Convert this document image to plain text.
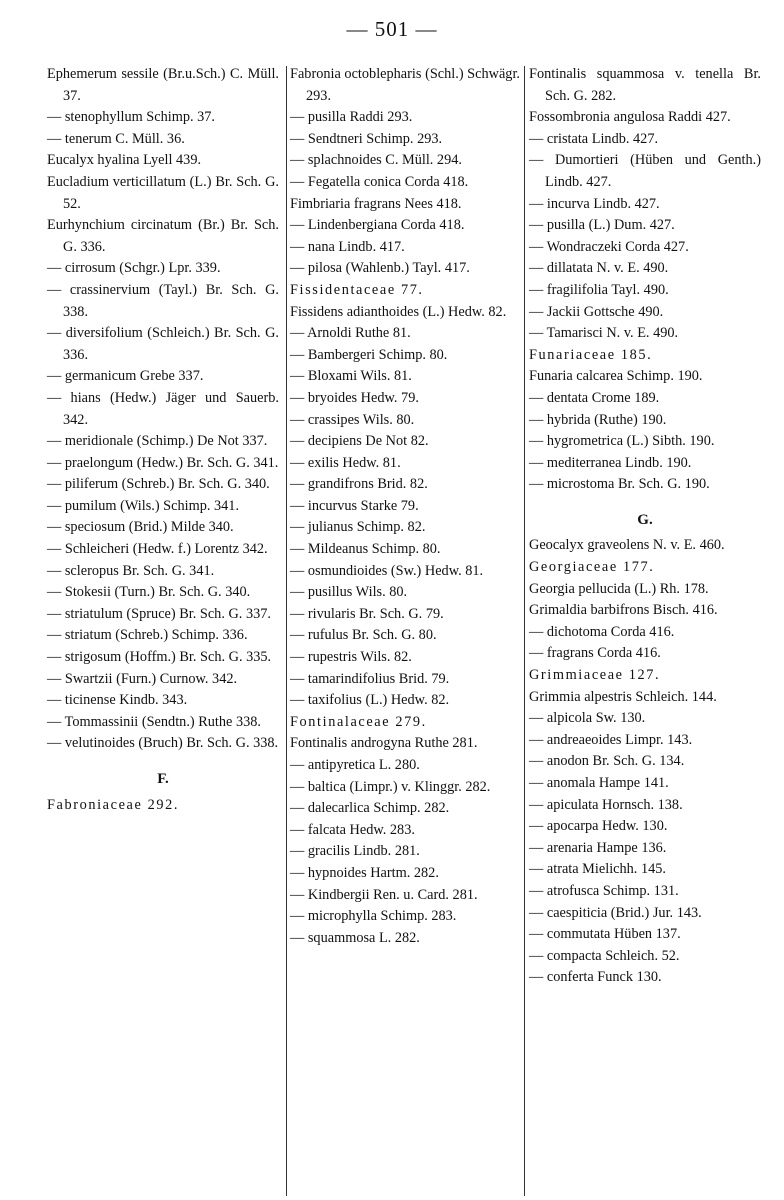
— 501 —

Ephemerum sessile (Br.u.Sch.) C. Müll. 37.

— stenophyllum Schimp. 37.

— tenerum C. Müll. 36.

Eucalyx hyalina Lyell 439.

Eucladium verticillatum (L.) Br. Sch. G. 52.

Eurhynchium circinatum (Br.) Br. Sch. G. 336.

— cirrosum (Schgr.) Lpr. 339.

— crassinervium (Tayl.) Br. Sch. G. 338.

— diversifolium (Schleich.) Br. Sch. G. 336.

— germanicum Grebe 337.

— hians (Hedw.) Jäger und Sauerb. 342.

— meridionale (Schimp.) De Not 337.

— praelongum (Hedw.) Br. Sch. G. 341.

— piliferum (Schreb.) Br. Sch. G. 340.

— pumilum (Wils.) Schimp. 341.

— speciosum (Brid.) Milde 340.

— Schleicheri (Hedw. f.) Lorentz 342.

— scleropus Br. Sch. G. 341.

— Stokesii (Turn.) Br. Sch. G. 340.

— striatulum (Spruce) Br. Sch. G. 337.

— striatum (Schreb.) Schimp. 336.

— strigosum (Hoffm.) Br. Sch. G. 335.

— Swartzii (Furn.) Curnow. 342.

— ticinense Kindb. 343.

— Tommassinii (Sendtn.) Ruthe 338.

— velutinoides (Bruch) Br. Sch. G. 338.

F.

Fabroniaceae 292.

Fabronia octoblepharis (Schl.) Schwägr. 293.

— pusilla Raddi 293.

— Sendtneri Schimp. 293.

— splachnoides C. Müll. 294.

— Fegatella conica Corda 418.

Fimbriaria fragrans Nees 418.

— Lindenbergiana Corda 418.

— nana Lindb. 417.

— pilosa (Wahlenb.) Tayl. 417.

Fissidentaceae 77.

Fissidens adianthoides (L.) Hedw. 82.

— Arnoldi Ruthe 81.

— Bambergeri Schimp. 80.

— Bloxami Wils. 81.

— bryoides Hedw. 79.

— crassipes Wils. 80.

— decipiens De Not 82.

— exilis Hedw. 81.

— grandifrons Brid. 82.

— incurvus Starke 79.

— julianus Schimp. 82.

— Mildeanus Schimp. 80.

— osmundioides (Sw.) Hedw. 81.

— pusillus Wils. 80.

— rivularis Br. Sch. G. 79.

— rufulus Br. Sch. G. 80.

— rupestris Wils. 82.

— tamarindifolius Brid. 79.

— taxifolius (L.) Hedw. 82.

Fontinalaceae 279.

Fontinalis androgyna Ruthe 281.

— antipyretica L. 280.

— baltica (Limpr.) v. Klinggr. 282.

— dalecarlica Schimp. 282.

— falcata Hedw. 283.

— gracilis Lindb. 281.

— hypnoides Hartm. 282.

— Kindbergii Ren. u. Card. 281.

— microphylla Schimp. 283.

— squammosa L. 282.

Fontinalis squammosa v. tenella Br. Sch. G. 282.

Fossombronia angulosa Raddi 427.

— cristata Lindb. 427.

— Dumortieri (Hüben und Genth.) Lindb. 427.

— incurva Lindb. 427.

— pusilla (L.) Dum. 427.

— Wondraczeki Corda 427.

— dillatata N. v. E. 490.

— fragilifolia Tayl. 490.

— Jackii Gottsche 490.

— Tamarisci N. v. E. 490.

Funariaceae 185.

Funaria calcarea Schimp. 190.

— dentata Crome 189.

— hybrida (Ruthe) 190.

— hygrometrica (L.) Sibth. 190.

— mediterranea Lindb. 190.

— microstoma Br. Sch. G. 190.

G.

Geocalyx graveolens N. v. E. 460.

Georgiaceae 177.

Georgia pellucida (L.) Rh. 178.

Grimaldia barbifrons Bisch. 416.

— dichotoma Corda 416.

— fragrans Corda 416.

Grimmiaceae 127.

Grimmia alpestris Schleich. 144.

— alpicola Sw. 130.

— andreaeoides Limpr. 143.

— anodon Br. Sch. G. 134.

— anomala Hampe 141.

— apiculata Hornsch. 138.

— apocarpa Hedw. 130.

— arenaria Hampe 136.

— atrata Mielichh. 145.

— atrofusca Schimp. 131.

— caespiticia (Brid.) Jur. 143.

— commutata Hüben 137.

— compacta Schleich. 52.

— conferta Funck 130.
